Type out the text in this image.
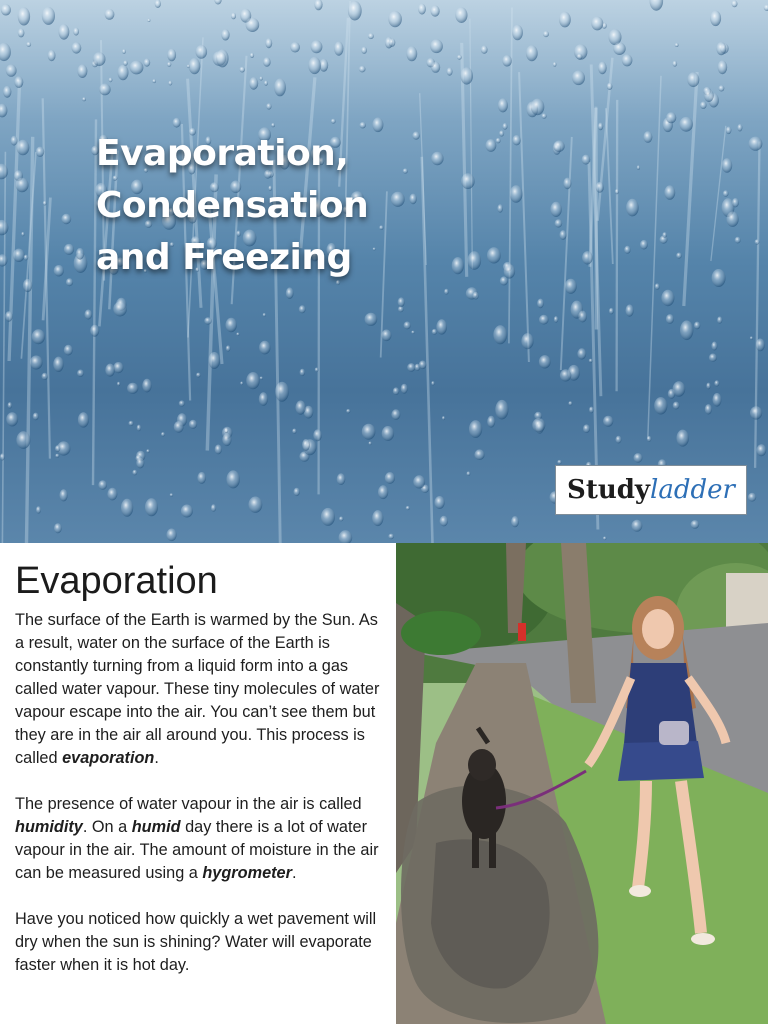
Evaporation,
Condensation
and Freezing
Study ladder
Evaporation

The surface of the Earth is warmed by the Sun. As a result, water on the surface of the Earth is constantly turning from a liquid form into a gas called water vapour. These tiny molecules of water vapour escape into the air. You can’t see them but they are in the air all around you. This process is called evaporation.

The presence of water vapour in the air is called humidity. On a humid day there is a lot of water vapour in the air. The amount of moisture in the air can be measured using a hygrometer.

Have you noticed how quickly a wet pavement will dry when the sun is shining? Water will evaporate faster when it is hot day.
